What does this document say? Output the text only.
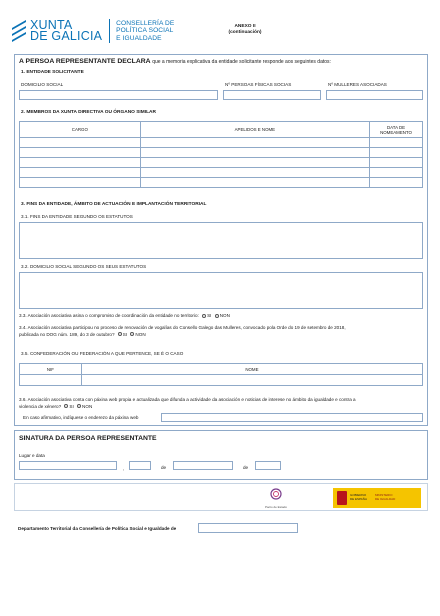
XUNTA
DE GALICIA
CONSELLERÍA DE
POLÍTICA SOCIAL
E IGUALDADE
ANEXO II
(continuación)
A PERSOA REPRESENTANTE DECLARA que a memoria explicativa da entidade solicitante responde aos seguintes datos:
1. ENTIDADE SOLICITANTE
DOMICILIO SOCIAL	Nº PERSOAS FÍSICAS SOCIAS	Nº MULLERES ASOCIADAS
2. MEMBROS DA XUNTA DIRECTIVA OU ÓRGANO SIMILAR
CARGO	APELIDOS E NOME	DATA DE
NOMEAMENTO

3. FINS DA ENTIDADE, ÁMBITO DE ACTUACIÓN E IMPLANTACIÓN TERRITORIAL
3.1. FINS DA ENTIDADE SEGUNDO OS ESTATUTOS
3.2. DOMICILIO SOCIAL SEGUNDO OS SEUS ESTATUTOS
3.3. Asociación asociativa asina o compromiso de coordinación da entidade no territorio: SI NON
3.4. Asociación asociativa participou no proceso de renovación de vogalías do Consello Galego das Mulleres, convocado pola Orde do 19 de setembro de 2018,
publicada no DOG núm. 189, do 3 de outubro? SI NON
3.5. CONFEDERACIÓN OU FEDERACIÓN A QUE PERTENCE, SE É O CASO
NIF	NOME

3.6. Asociación asociativa conta con páxina web propia e actualizada que difunda a actividade da asociación e noticias de interese no ámbito da igualdade e contra a
violencia de xénero? SI NON
En caso afirmativo, indíquese o enderezo da páxina web
SINATURA DA PERSOA REPRESENTANTE
Lugar e data
,	de	de
Pacto de Estado
GOBIERNO
DE ESPAÑA
MINISTERIO
DE IGUALDAD
Departamento Territorial da Consellería de Política Social e Igualdade de
